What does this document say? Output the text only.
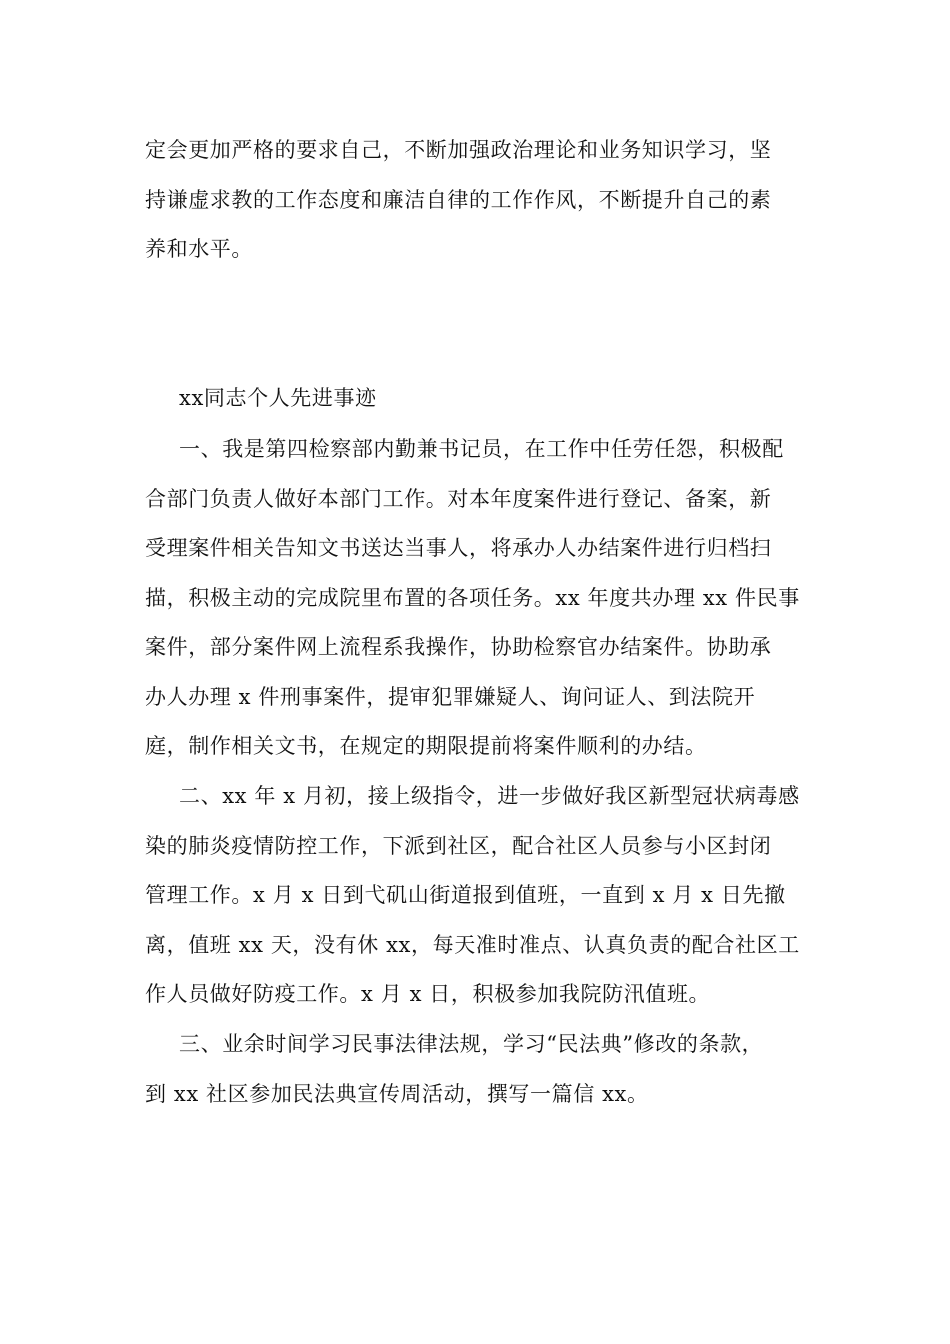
定会更加严格的要求自己，不断加强政治理论和业务知识学习，坚
持谦虚求教的工作态度和廉洁自律的工作作风，不断提升自己的素
养和水平。
xx同志个人先进事迹
一、我是第四检察部内勤兼书记员，在工作中任劳任怨，积极配
合部门负责人做好本部门工作。对本年度案件进行登记、备案，新
受理案件相关告知文书送达当事人，将承办人办结案件进行归档扫
描，积极主动的完成院里布置的各项任务。xx 年度共办理 xx 件民事
案件，部分案件网上流程系我操作，协助检察官办结案件。协助承
办人办理 x 件刑事案件，提审犯罪嫌疑人、询问证人、到法院开
庭，制作相关文书，在规定的期限提前将案件顺利的办结。
二、xx 年 x 月初，接上级指令，进一步做好我区新型冠状病毒感
染的肺炎疫情防控工作，下派到社区，配合社区人员参与小区封闭
管理工作。x 月 x 日到弋矶山街道报到值班，一直到 x 月 x 日先撤
离，值班 xx 天，没有休 xx，每天准时准点、认真负责的配合社区工
作人员做好防疫工作。x 月 x 日，积极参加我院防汛值班。
三、业余时间学习民事法律法规，学习“民法典”修改的条款，
到 xx 社区参加民法典宣传周活动，撰写一篇信 xx。
